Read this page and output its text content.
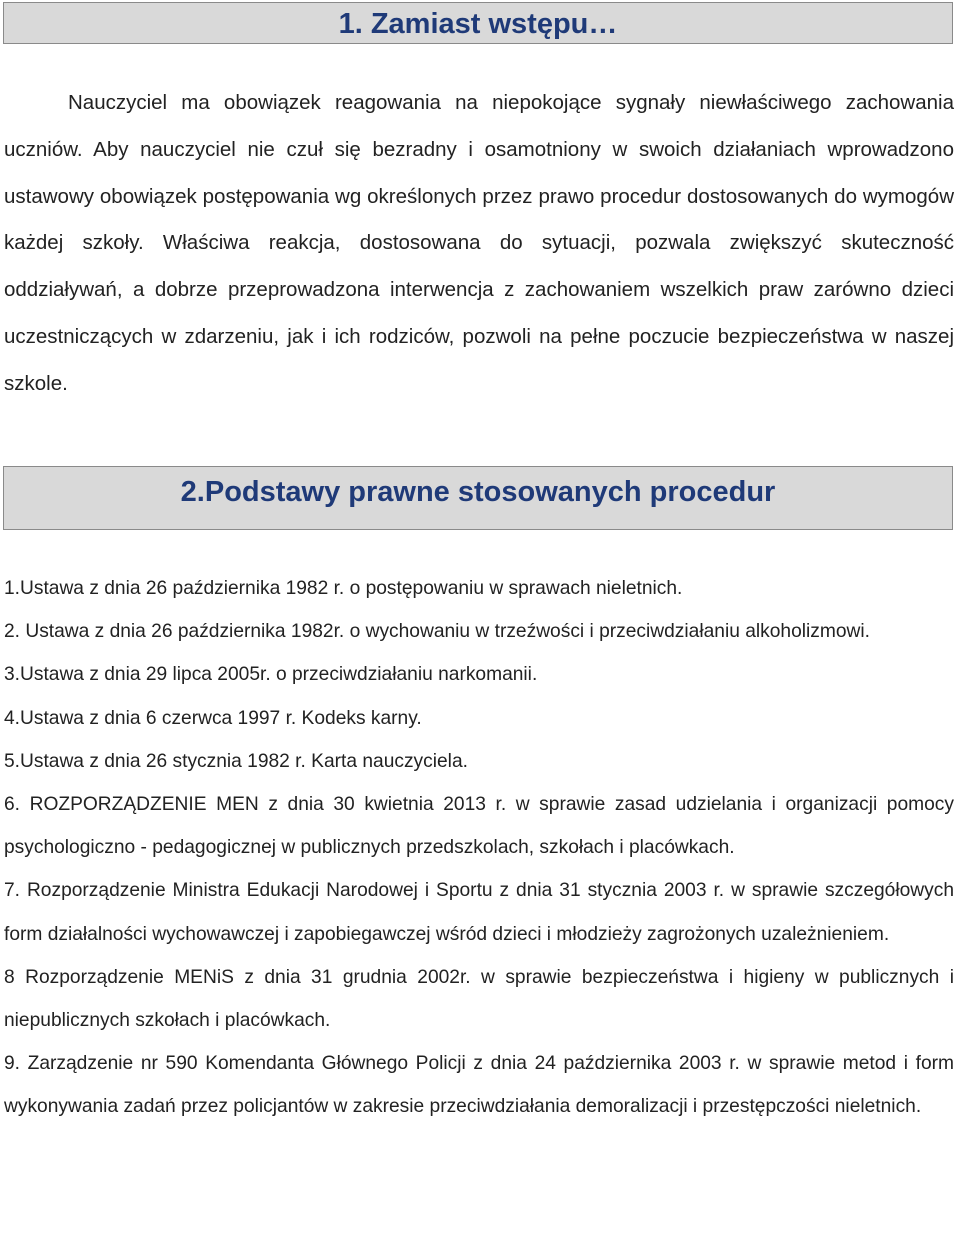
1. Zamiast wstępu…

Nauczyciel ma obowiązek reagowania na niepokojące sygnały niewłaściwego zachowania uczniów. Aby nauczyciel nie czuł się bezradny i osamotniony w swoich działaniach wprowadzono ustawowy obowiązek postępowania wg określonych przez prawo procedur dostosowanych do wymogów każdej szkoły. Właściwa reakcja, dostosowana do sytuacji, pozwala zwiększyć skuteczność oddziaływań, a dobrze przeprowadzona interwencja z zachowaniem wszelkich praw zarówno dzieci uczestniczących w zdarzeniu, jak i ich rodziców, pozwoli na pełne poczucie bezpieczeństwa w naszej szkole.

2.Podstawy prawne stosowanych procedur
1.Ustawa z dnia 26 października 1982 r. o postępowaniu w sprawach nieletnich.
2. Ustawa z dnia 26 października 1982r. o wychowaniu w trzeźwości i przeciwdziałaniu alkoholizmowi.
3.Ustawa z dnia 29 lipca 2005r. o przeciwdziałaniu narkomanii.
4.Ustawa z dnia 6 czerwca 1997 r. Kodeks karny.
5.Ustawa z dnia 26 stycznia 1982 r. Karta nauczyciela.
6. ROZPORZĄDZENIE MEN z dnia 30 kwietnia 2013 r. w sprawie zasad udzielania i organizacji pomocy psychologiczno - pedagogicznej w publicznych przedszkolach, szkołach i placówkach.
7. Rozporządzenie Ministra Edukacji Narodowej i Sportu z dnia 31 stycznia 2003 r. w sprawie szczegółowych form działalności wychowawczej i zapobiegawczej wśród dzieci i młodzieży zagrożonych uzależnieniem.
8 Rozporządzenie MENiS z dnia 31 grudnia 2002r. w sprawie bezpieczeństwa i higieny w publicznych i niepublicznych szkołach i placówkach.
9. Zarządzenie nr 590 Komendanta Głównego Policji z dnia 24 października 2003 r. w sprawie metod i form wykonywania zadań przez policjantów w zakresie przeciwdziałania demoralizacji i przestępczości nieletnich.
